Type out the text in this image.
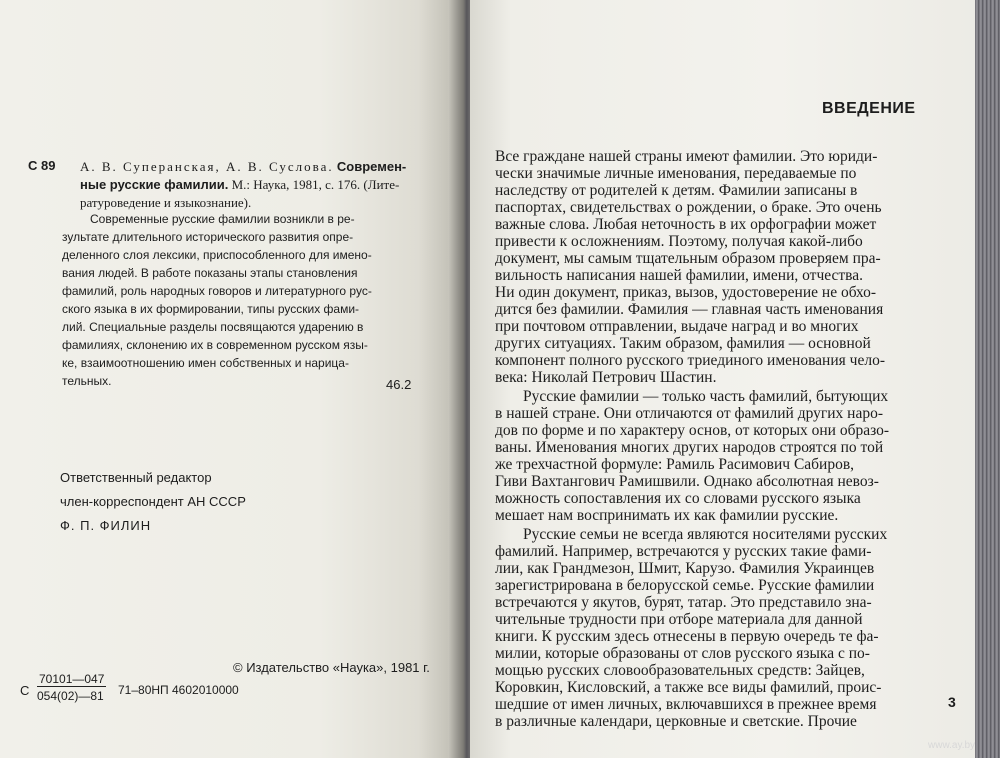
С 89 А. В. Суперанская, А. В. Суслова. Современ-
ные русские фамилии. М.: Наука, 1981, с. 176. (Лите-
ратуроведение и языкознание).
Современные русские фамилии возникли в ре-
зультате длительного исторического развития опре-
деленного слоя лексики, приспособленного для имено-
вания людей. В работе показаны этапы становления
фамилий, роль народных говоров и литературного рус-
ского языка в их формировании, типы русских фами-
лий. Специальные разделы посвящаются ударению в
фамилиях, склонению их в современном русском язы-
ке, взаимоотношению имен собственных и нарица-
тельных.	46.2
Ответственный редактор
член-корреспондент АН СССР
Ф. П. ФИЛИН
© Издательство «Наука», 1981 г.
С
70101—047
054(02)—81 71–80НП 4602010000
ВВЕДЕНИЕ
Все граждане нашей страны имеют фамилии. Это юриди-
чески значимые личные именования, передаваемые по
наследству от родителей к детям. Фамилии записаны в
паспортах, свидетельствах о рождении, о браке. Это очень
важные слова. Любая неточность в их орфографии может
привести к осложнениям. Поэтому, получая какой-либо
документ, мы самым тщательным образом проверяем пра-
вильность написания нашей фамилии, имени, отчества.
Ни один документ, приказ, вызов, удостоверение не обхо-
дится без фамилии. Фамилия — главная часть именования
при почтовом отправлении, выдаче наград и во многих
других ситуациях. Таким образом, фамилия — основной
компонент полного русского триединого именования чело-
века: Николай Петрович Шастин.
Русские фамилии — только часть фамилий, бытующих
в нашей стране. Они отличаются от фамилий других наро-
дов по форме и по характеру основ, от которых они образо-
ваны. Именования многих других народов строятся по той
же трехчастной формуле: Рамиль Расимович Сабиров,
Гиви Вахтангович Рамишвили. Однако абсолютная невоз-
можность сопоставления их со словами русского языка
мешает нам воспринимать их как фамилии русские.
Русские семьи не всегда являются носителями русских
фамилий. Например, встречаются у русских такие фами-
лии, как Грандмезон, Шмит, Карузо. Фамилия Украинцев
зарегистрирована в белорусской семье. Русские фамилии
встречаются у якутов, бурят, татар. Это представило зна-
чительные трудности при отборе материала для данной
книги. К русским здесь отнесены в первую очередь те фа-
милии, которые образованы от слов русского языка с по-
мощью русских словообразовательных средств: Зайцев,
Коровкин, Кисловский, а также все виды фамилий, проис-
шедшие от имен личных, включавшихся в прежнее время
в различные календари, церковные и светские. Прочие
3
www.ay.by
